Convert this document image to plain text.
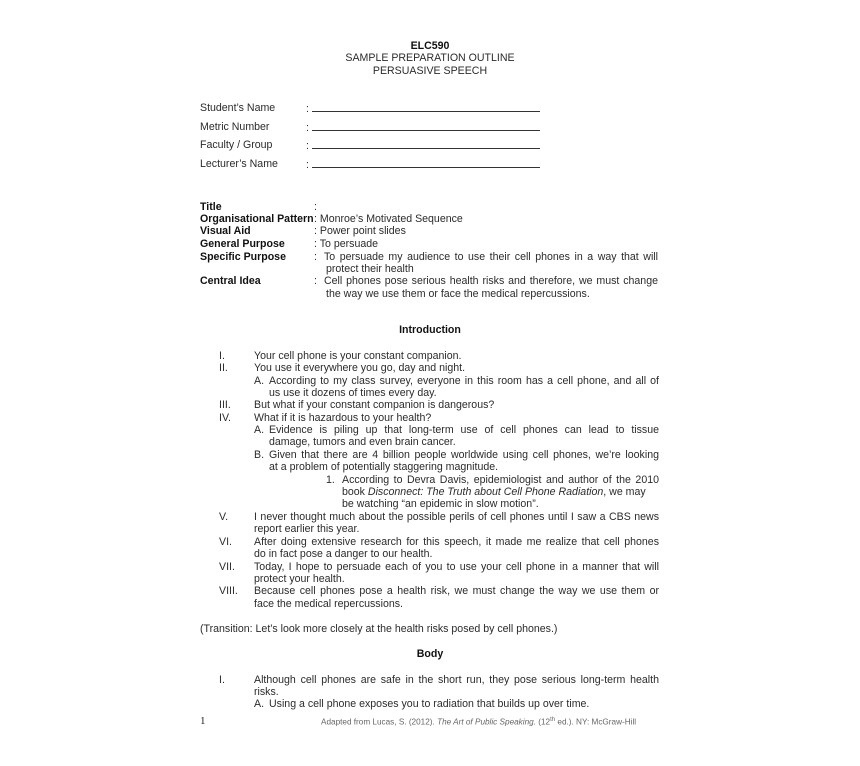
ELC590
SAMPLE PREPARATION OUTLINE
PERSUASIVE SPEECH
Student’s Name	:
Metric Number	:
Faculty / Group	:
Lecturer’s Name	:
Title	:
Organisational Pattern : Monroe’s Motivated Sequence
Visual Aid	: Power point slides
General Purpose	: To persuade
Specific Purpose	: To persuade my audience to use their cell phones in a way that will
protect their health
Central Idea	: Cell phones pose serious health risks and therefore, we must change
the way we use them or face the medical repercussions.
Introduction
I.	Your cell phone is your constant companion.
II. You use it everywhere you go, day and night.
A. According to my class survey, everyone in this room has a cell phone, and all of
us use it dozens of times every day.
III. But what if your constant companion is dangerous?
IV. What if it is hazardous to your health?
A. Evidence is piling up that long-term use of cell phones can lead to tissue
damage, tumors and even brain cancer.
B. Given that there are 4 billion people worldwide using cell phones, we’re looking
at a problem of potentially staggering magnitude.
1. According to Devra Davis, epidemiologist and author of the 2010
book Disconnect: The Truth about Cell Phone Radiation, we may
be watching “an epidemic in slow motion”.
V. I never thought much about the possible perils of cell phones until I saw a CBS news
report earlier this year.
VI. After doing extensive research for this speech, it made me realize that cell phones
do in fact pose a danger to our health.
VII. Today, I hope to persuade each of you to use your cell phone in a manner that will
protect your health.
VIII. Because cell phones pose a health risk, we must change the way we use them or
face the medical repercussions.
(Transition: Let’s look more closely at the health risks posed by cell phones.)
Body
I.	Although cell phones are safe in the short run, they pose serious long-term health
risks.
A. Using a cell phone exposes you to radiation that builds up over time.
1	Adapted from Lucas, S. (2012). The Art of Public Speaking. (12th ed.). NY: McGraw-Hill
